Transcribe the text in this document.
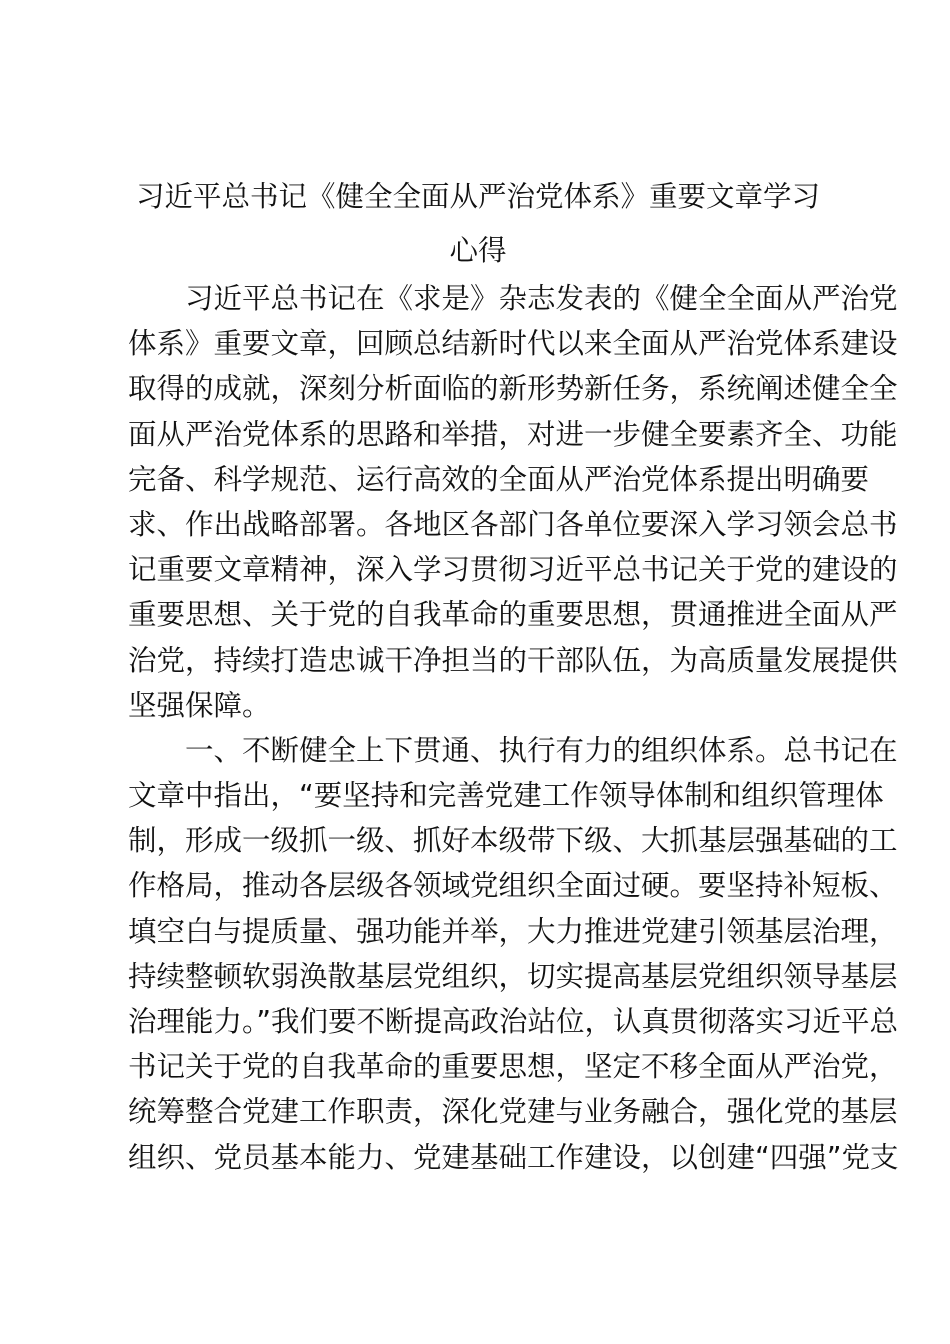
习近平总书记《健全全面从严治党体系》重要文章学习
心得
习近平总书记在《求是》杂志发表的《健全全面从严治党
体系》重要文章，回顾总结新时代以来全面从严治党体系建设
取得的成就，深刻分析面临的新形势新任务，系统阐述健全全
面从严治党体系的思路和举措，对进一步健全要素齐全、功能
完备、科学规范、运行高效的全面从严治党体系提出明确要
求、作出战略部署。各地区各部门各单位要深入学习领会总书
记重要文章精神，深入学习贯彻习近平总书记关于党的建设的
重要思想、关于党的自我革命的重要思想，贯通推进全面从严
治党，持续打造忠诚干净担当的干部队伍，为高质量发展提供
坚强保障。
一、不断健全上下贯通、执行有力的组织体系。总书记在
文章中指出，“要坚持和完善党建工作领导体制和组织管理体
制，形成一级抓一级、抓好本级带下级、大抓基层强基础的工
作格局，推动各层级各领域党组织全面过硬。要坚持补短板、
填空白与提质量、强功能并举，大力推进党建引领基层治理，
持续整顿软弱涣散基层党组织，切实提高基层党组织领导基层
治理能力。”我们要不断提高政治站位，认真贯彻落实习近平总
书记关于党的自我革命的重要思想，坚定不移全面从严治党，
统筹整合党建工作职责，深化党建与业务融合，强化党的基层
组织、党员基本能力、党建基础工作建设，以创建“四强”党支
